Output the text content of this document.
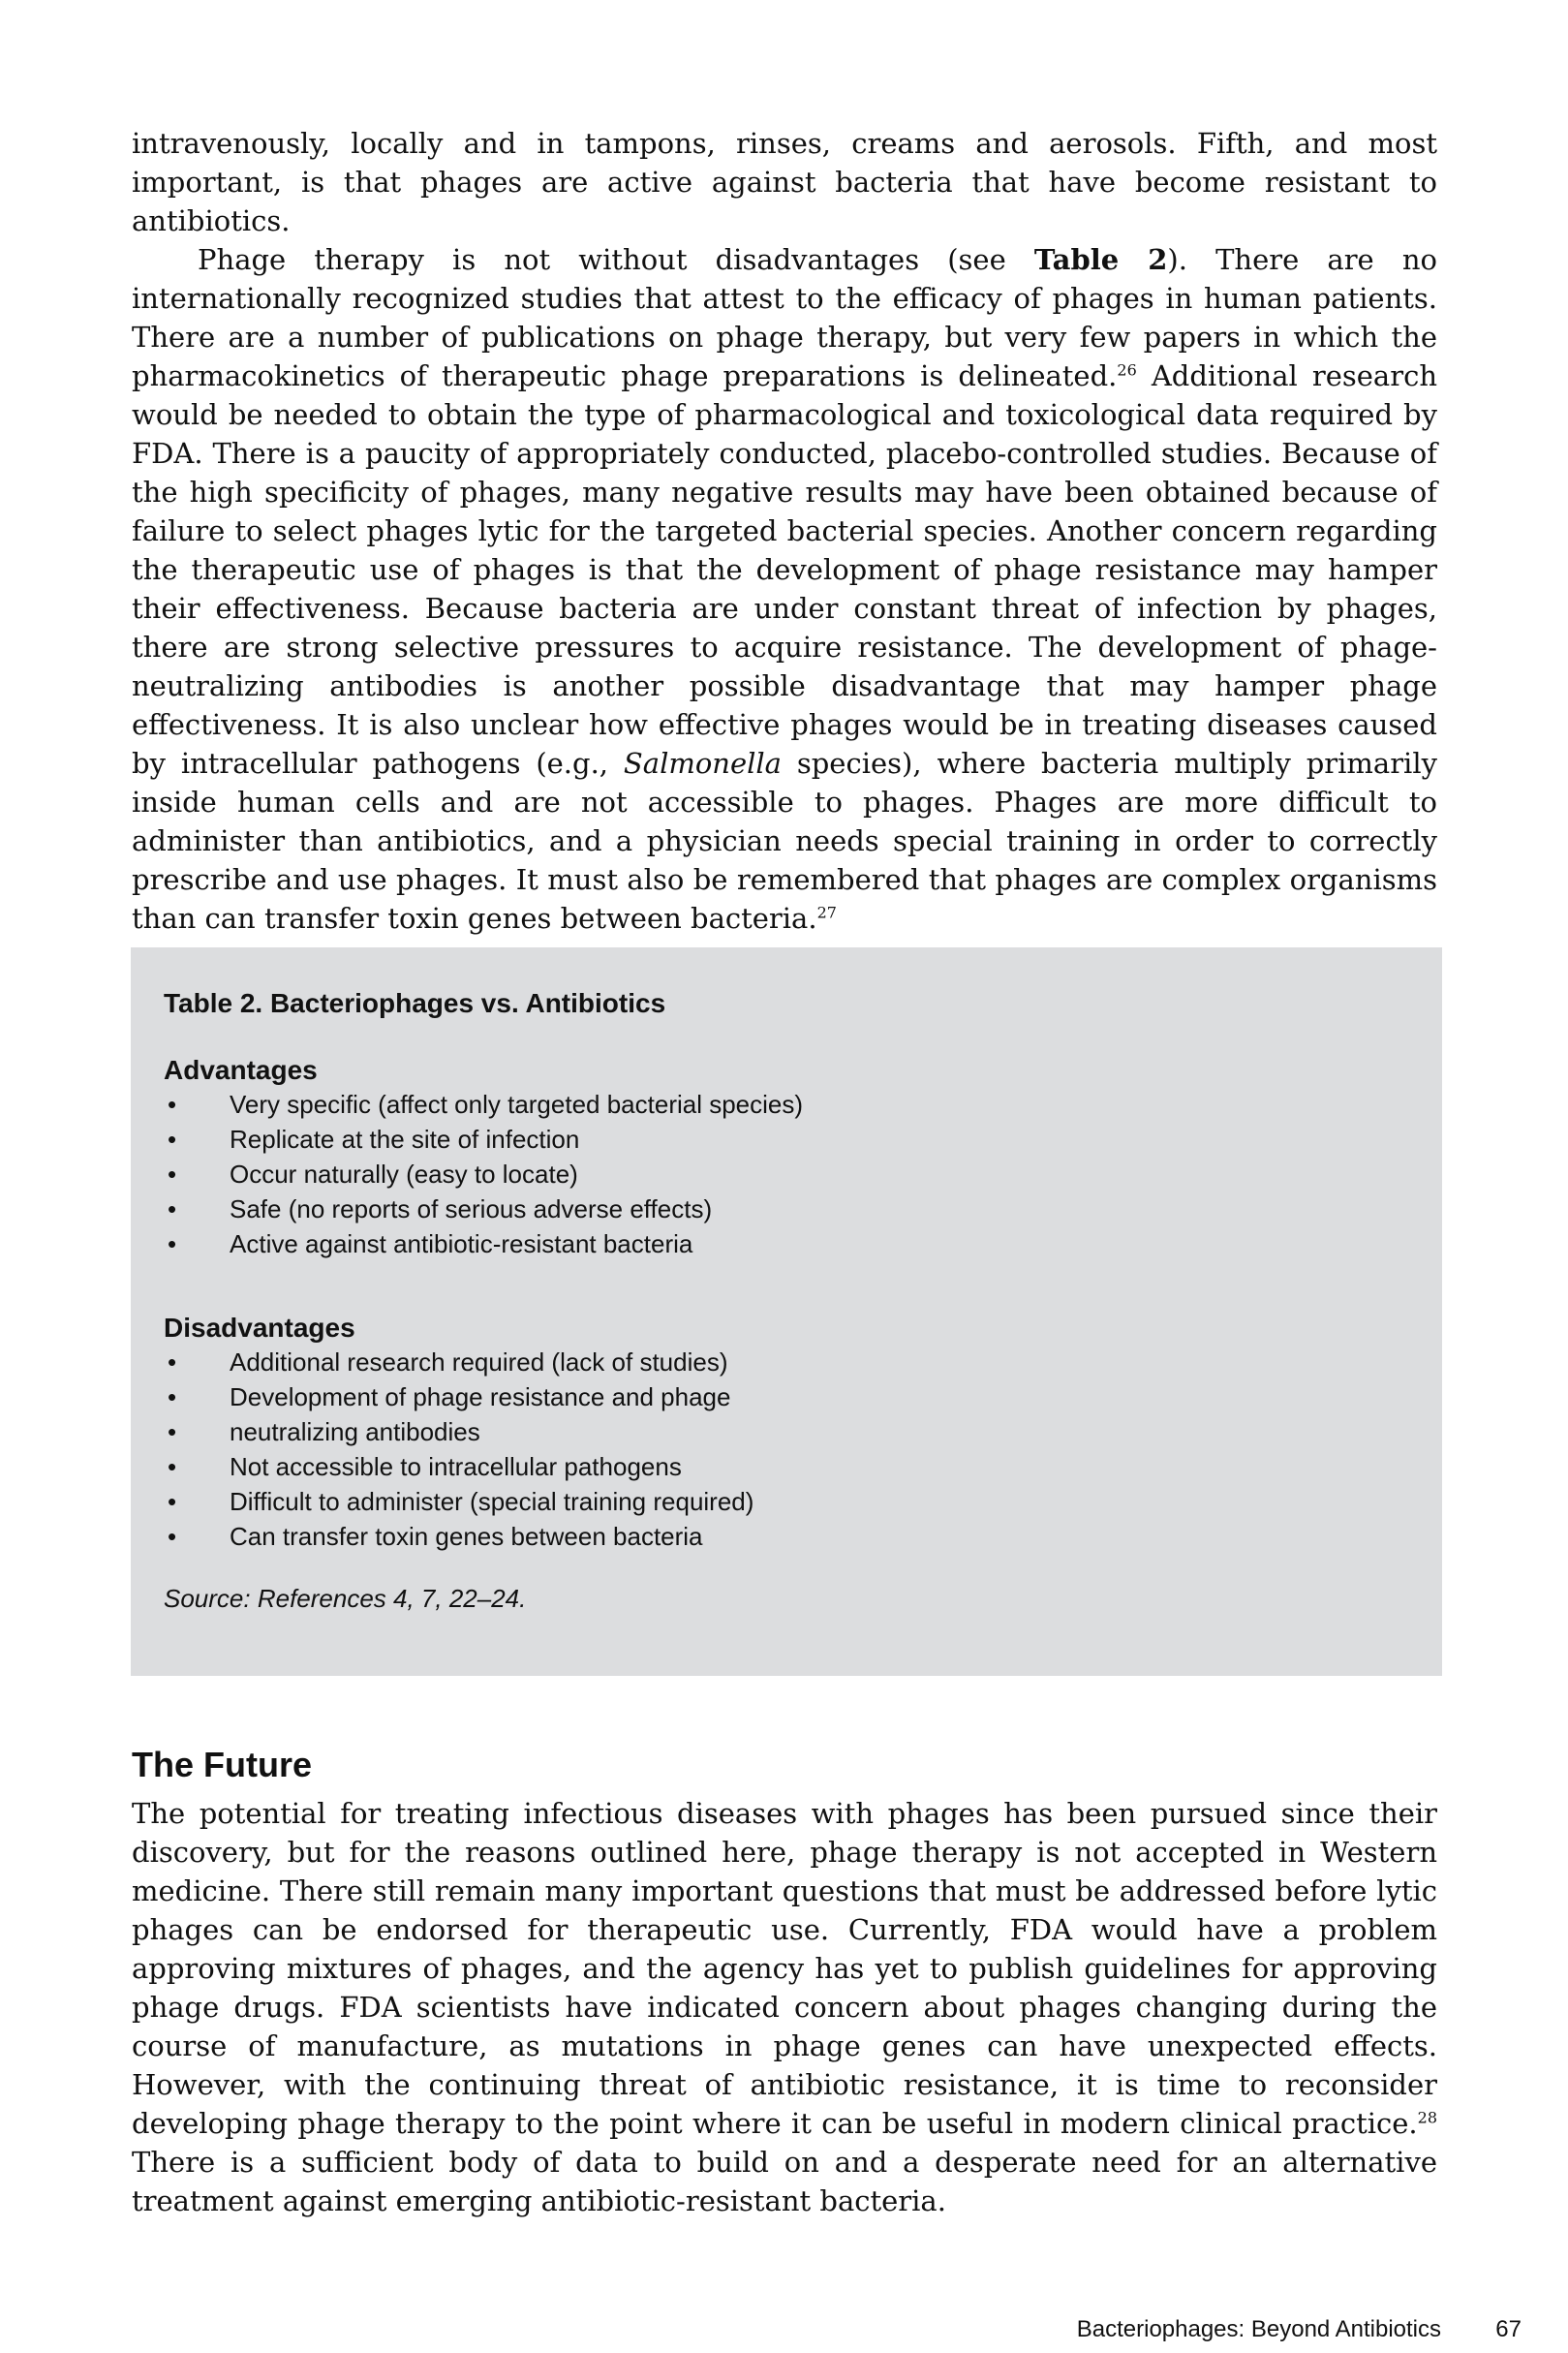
intravenously, locally and in tampons, rinses, creams and aerosols. Fifth, and most important, is that phages are active against bacteria that have become resistant to antibiotics.

Phage therapy is not without disadvantages (see Table 2). There are no internationally recognized studies that attest to the efficacy of phages in human patients. There are a number of publications on phage therapy, but very few papers in which the pharmacokinetics of therapeutic phage preparations is delineated.$^{26}$ Additional research would be needed to obtain the type of pharmacological and toxicological data required by FDA. There is a paucity of appropriately conducted, placebo-controlled studies. Because of the high specificity of phages, many negative results may have been obtained because of failure to select phages lytic for the targeted bacterial species. Another concern regarding the therapeutic use of phages is that the development of phage resistance may hamper their effectiveness. Because bacteria are under constant threat of infection by phages, there are strong selective pressures to acquire resistance. The development of phage-neutralizing antibodies is another possible disadvantage that may hamper phage effectiveness. It is also unclear how effective phages would be in treating diseases caused by intracellular pathogens (e.g., Salmonella species), where bacteria multiply primarily inside human cells and are not accessible to phages. Phages are more difficult to administer than antibiotics, and a physician needs special training in order to correctly prescribe and use phages. It must also be remembered that phages are complex organisms than can transfer toxin genes between bacteria.$^{27}$

Table 2. Bacteriophages vs. Antibiotics
Advantages
• Very specific (affect only targeted bacterial species)
• Replicate at the site of infection
• Occur naturally (easy to locate)
• Safe (no reports of serious adverse effects)
• Active against antibiotic-resistant bacteria
Disadvantages
• Additional research required (lack of studies)
• Development of phage resistance and phage
• neutralizing antibodies
• Not accessible to intracellular pathogens
• Difficult to administer (special training required)
• Can transfer toxin genes between bacteria
Source: References 4, 7, 22–24.
The Future

The potential for treating infectious diseases with phages has been pursued since their discovery, but for the reasons outlined here, phage therapy is not accepted in Western medicine. There still remain many important questions that must be addressed before lytic phages can be endorsed for therapeutic use. Currently, FDA would have a problem approving mixtures of phages, and the agency has yet to publish guidelines for approving phage drugs. FDA scientists have indicated concern about phages changing during the course of manufacture, as mutations in phage genes can have unexpected effects. However, with the continuing threat of antibiotic resistance, it is time to reconsider developing phage therapy to the point where it can be useful in modern clinical practice.$^{28}$ There is a sufficient body of data to build on and a desperate need for an alternative treatment against emerging antibiotic-resistant bacteria.

Bacteriophages: Beyond Antibiotics 67
